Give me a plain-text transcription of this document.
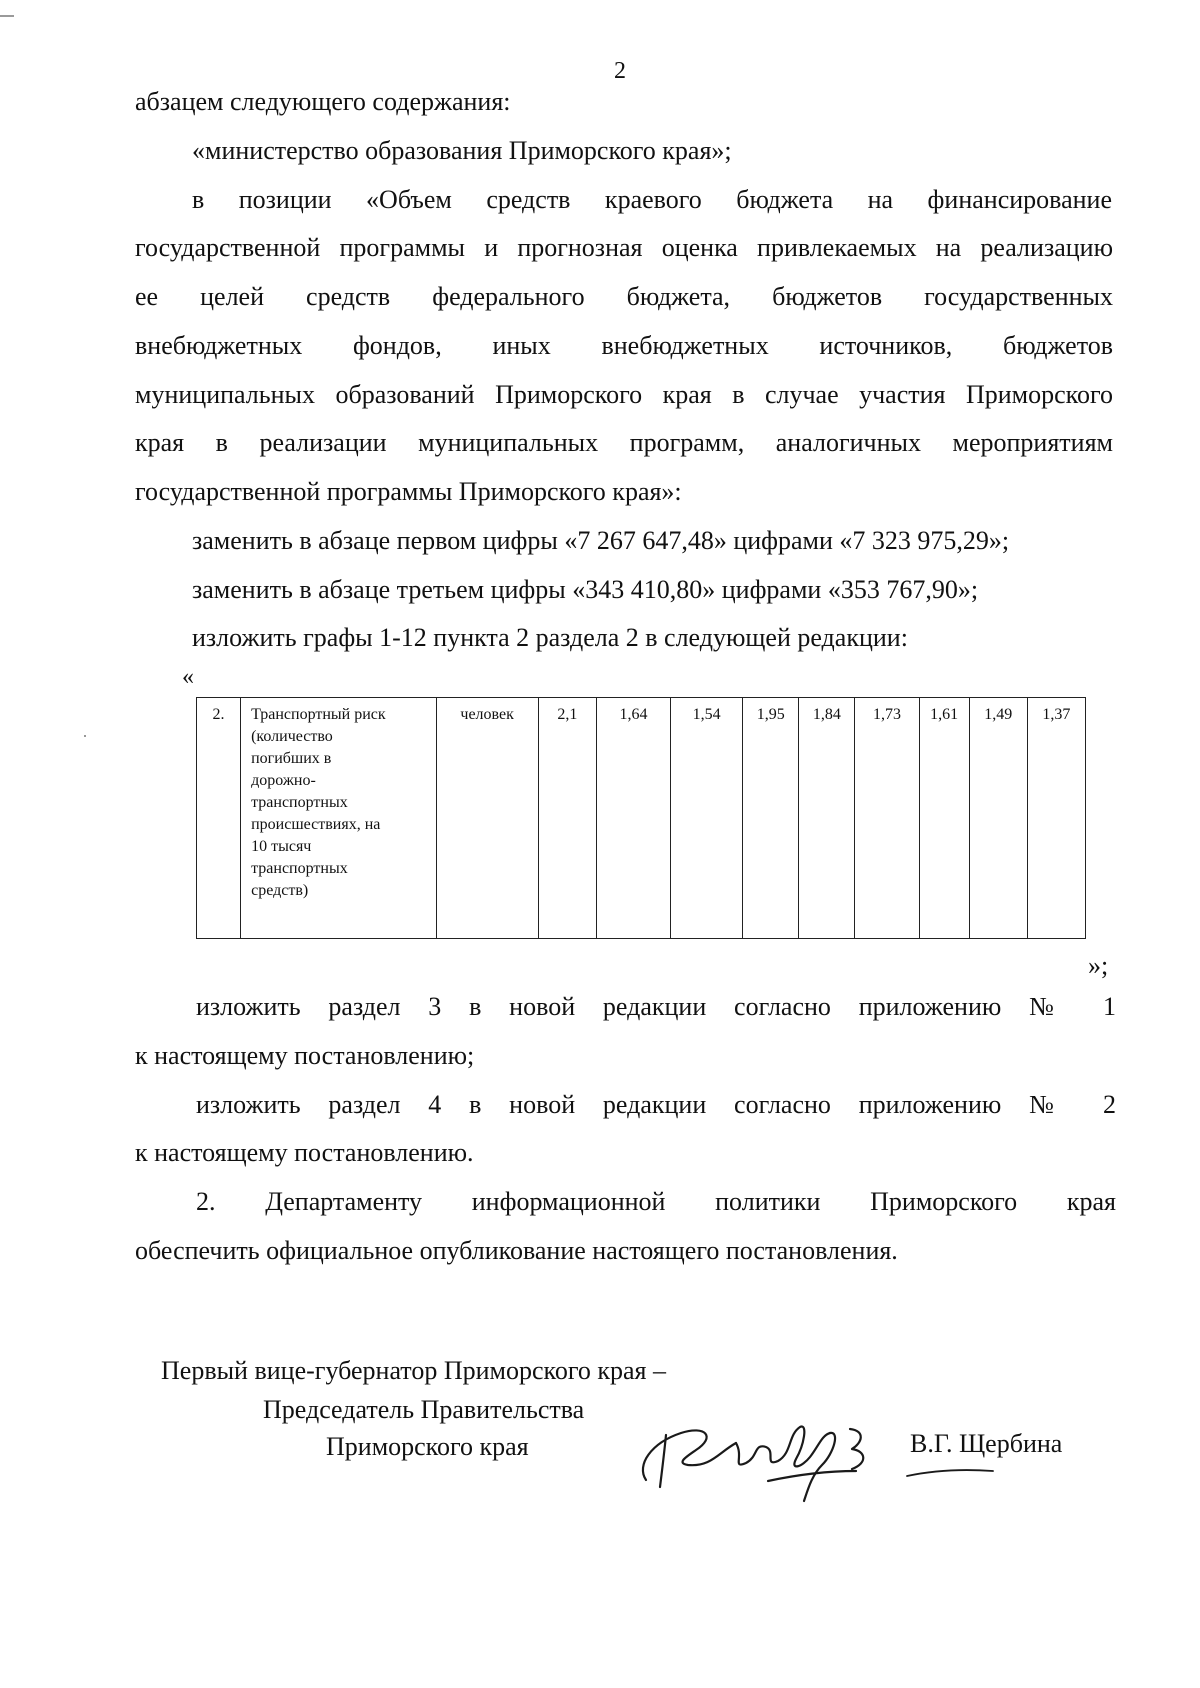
2
абзацем следующего содержания:
«министерство образования Приморского края»;
в позиции «Объем средств краевого бюджета на финансирование
государственной программы и прогнозная оценка привлекаемых на реализацию
ее целей средств федерального бюджета, бюджетов государственных
внебюджетных фондов, иных внебюджетных источников, бюджетов
муниципальных образований Приморского края в случае участия Приморского
края в реализации муниципальных программ, аналогичных мероприятиям
государственной программы Приморского края»:
заменить в абзаце первом цифры «7 267 647,48» цифрами «7 323 975,29»;
заменить в абзаце третьем цифры «343 410,80» цифрами «353 767,90»;
изложить графы 1-12 пункта 2 раздела 2 в следующей редакции:
«
2.	Транспортный риск
(количество
погибших в
дорожно-
транспортных
происшествиях, на
10 тысяч
транспортных
средств)	человек	2,1	1,64	1,54	1,95	1,84	1,73	1,61	1,49	1,37
»;
изложить раздел 3 в новой редакции согласно приложению № 1
к настоящему постановлению;
изложить раздел 4 в новой редакции согласно приложению № 2
к настоящему постановлению.
2. Департаменту информационной политики Приморского края
обеспечить официальное опубликование настоящего постановления.
Первый вице-губернатор Приморского края –
Председатель Правительства
Приморского края	В.Г. Щербина
